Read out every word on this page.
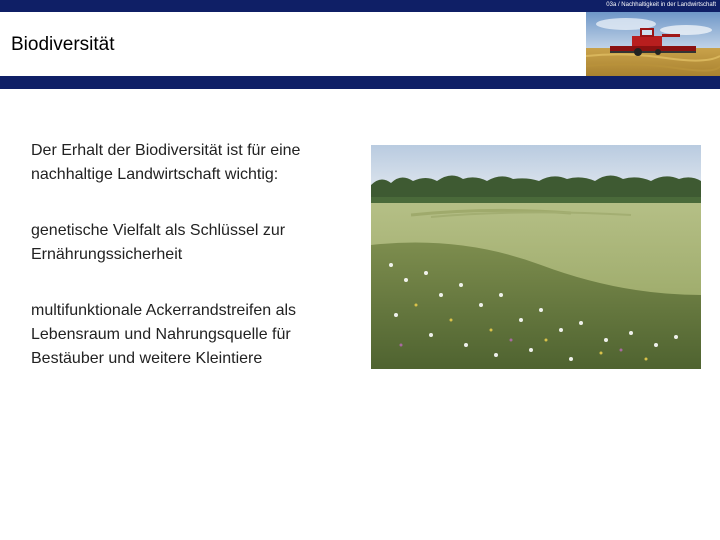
03a / Nachhaltigkeit in der Landwirtschaft
Biodiversität

Der Erhalt der Biodiversität ist für eine nachhaltige Landwirtschaft wichtig:

genetische Vielfalt als Schlüssel zur Ernährungssicherheit

multifunktionale Ackerrandstreifen als Lebensraum und Nahrungsquelle für Bestäuber und weitere Kleintiere
